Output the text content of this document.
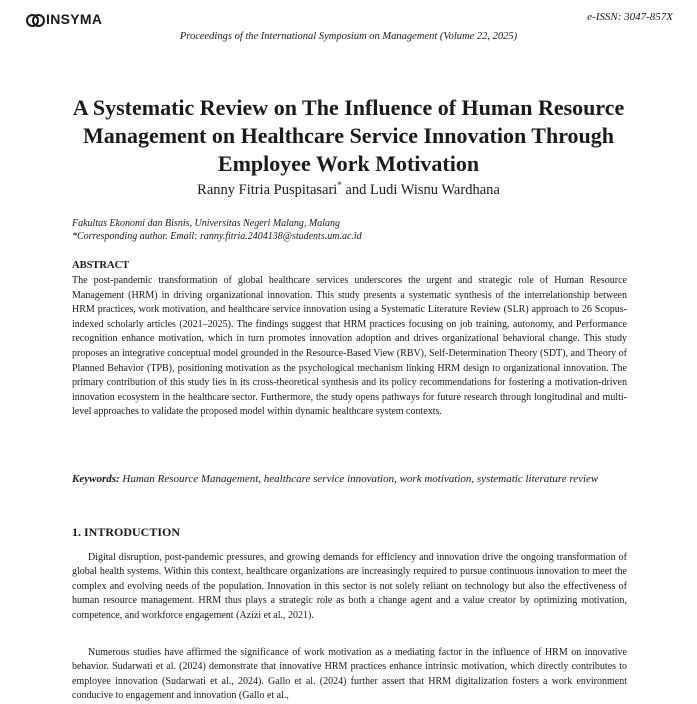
INSYMA	e-ISSN: 3047-857X
Proceedings of the International Symposium on Management (Volume 22, 2025)
A Systematic Review on The Influence of Human Resource Management on Healthcare Service Innovation Through Employee Work Motivation
Ranny Fitria Puspitasari* and Ludi Wisnu Wardhana
Fakultas Ekonomi dan Bisnis, Universitas Negeri Malang, Malang
*Corresponding author. Email: ranny.fitria.2404138@students.um.ac.id
ABSTRACT
The post-pandemic transformation of global healthcare services underscores the urgent and strategic role of Human Resource Management (HRM) in driving organizational innovation. This study presents a systematic synthesis of the interrelationship between HRM practices, work motivation, and healthcare service innovation using a Systematic Literature Review (SLR) approach to 26 Scopus-indexed scholarly articles (2021–2025). The findings suggest that HRM practices focusing on job training, autonomy, and Performance recognition enhance motivation, which in turn promotes innovation adoption and drives organizational behavioral change. This study proposes an integrative conceptual model grounded in the Resource-Based View (RBV), Self-Determination Theory (SDT), and Theory of Planned Behavior (TPB), positioning motivation as the psychological mechanism linking HRM design to organizational innovation. The primary contribution of this study lies in its cross-theoretical synthesis and its policy recommendations for fostering a motivation-driven innovation ecosystem in the healthcare sector. Furthermore, the study opens pathways for future research through longitudinal and multi-level approaches to validate the proposed model within dynamic healthcare system contexts.
Keywords: Human Resource Management, healthcare service innovation, work motivation, systematic literature review
1. INTRODUCTION
Digital disruption, post-pandemic pressures, and growing demands for efficiency and innovation drive the ongoing transformation of global health systems. Within this context, healthcare organizations are increasingly required to pursue continuous innovation to meet the complex and evolving needs of the population. Innovation in this sector is not solely reliant on technology but also the effectiveness of human resource management. HRM thus plays a strategic role as both a change agent and a value creator by optimizing motivation, competence, and workforce engagement (Azizi et al., 2021).
Numerous studies have affirmed the significance of work motivation as a mediating factor in the influence of HRM on innovative behavior. Sudarwati et al. (2024) demonstrate that innovative HRM practices enhance intrinsic motivation, which directly contributes to employee innovation (Sudarwati et al., 2024). Gallo et al. (2024) further assert that HRM digitalization fosters a work environment conducive to engagement and innovation (Gallo et al.,
